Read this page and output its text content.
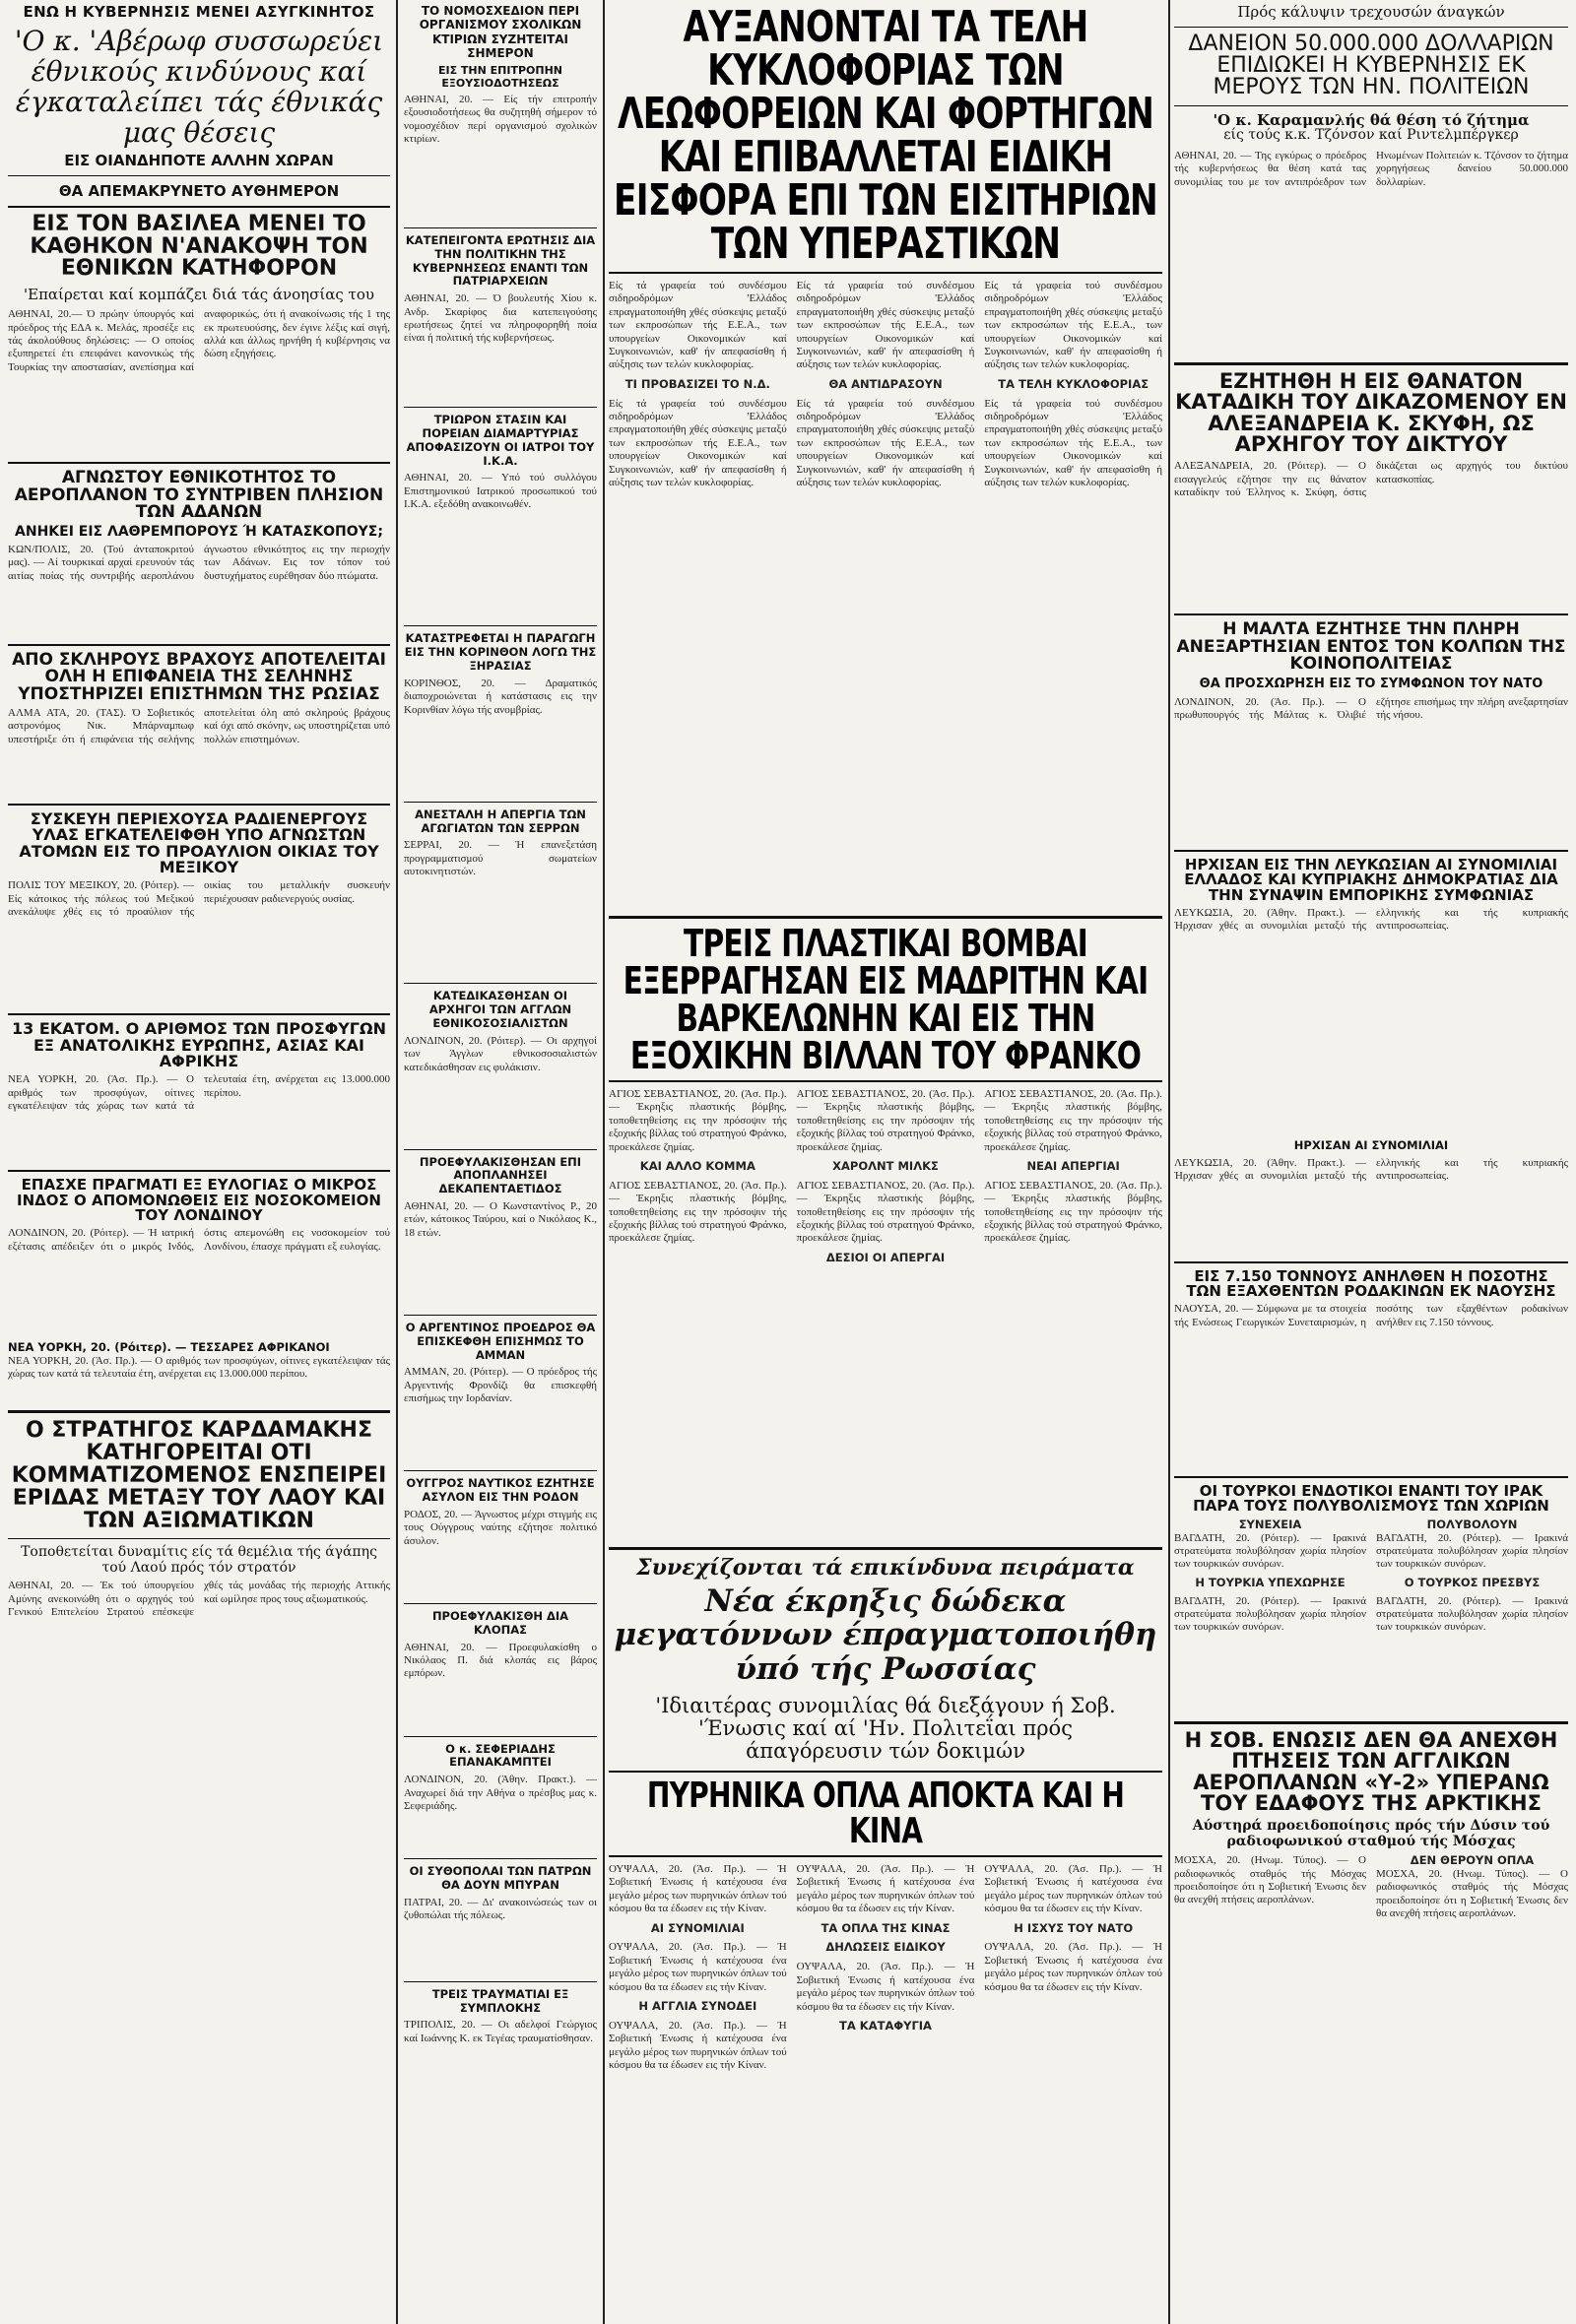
ΕΝΩ Η ΚΥΒΕΡΝΗΣΙΣ ΜΕΝΕΙ ΑΣΥΓΚΙΝΗΤΟΣ
'Ο κ. 'Αβέρωφ συσσωρεύει έθνικούς κινδύνους καί έγκαταλείπει τάς έθνικάς μας θέσεις
ΕΙΣ ΟΙΑΝΔΗΠΟΤΕ ΑΛΛΗΝ ΧΩΡΑΝ
ΘΑ ΑΠΕΜΑΚΡΥΝΕΤΟ ΑΥΘΗΜΕΡΟΝ
ΕΙΣ ΤΟΝ ΒΑΣΙΛΕΑ ΜΕΝΕΙ ΤΟ ΚΑΘΗΚΟΝ Ν'ΑΝΑΚΟΨΗ ΤΟΝ ΕΘΝΙΚΩΝ ΚΑΤΗΦΟΡΟΝ
'Επαίρεται καί κομπάζει διά τάς άνοησίας του
ΑΘΗΝΑΙ, 20.— Ό πρώην ύπουργός καί πρόεδρος τής ΕΔΑ κ. Μελάς, προσέξε εις τάς άκολούθους δηλώσεις: — Ο οποίος εξυπηρετεί έτι επειφάνει κανονικώς τής Τουρκίας την αποστασίαν, ανεπίσημα καί αναφορικώς, ότι ή ανακοίνωσις τής 1 της εκ πρωτευούσης, δεν έγινε λέξις καί σιγή, αλλά και άλλως ηρνήθη ή κυβέρνησις να δώση εξηγήσεις.
ΑΓΝΩΣΤΟΥ ΕΘΝΙΚΟΤΗΤΟΣ ΤΟ ΑΕΡΟΠΛΑΝΟΝ ΤΟ ΣΥΝΤΡΙΒΕΝ ΠΛΗΣΙΟΝ ΤΩΝ ΑΔΑΝΩΝ
ΑΝΗΚΕΙ ΕΙΣ ΛΑΘΡΕΜΠΟΡΟΥΣ Ή ΚΑΤΑΣΚΟΠΟΥΣ;
ΚΩΝ/ΠΟΛΙΣ, 20. (Τού άνταποκριτού μας). — Αί τουρκικαί αρχαί ερευνούν τάς αιτίας ποίας τής συντριβής αεροπλάνου άγνωστου εθνικότητος εις την περιοχήν των Αδάνων. Εις τον τόπον τού δυστυχήματος ευρέθησαν δύο πτώματα.
ΑΠΟ ΣΚΛΗΡΟΥΣ ΒΡΑΧΟΥΣ ΑΠΟΤΕΛΕΙΤΑΙ ΟΛΗ Η ΕΠΙΦΑΝΕΙΑ ΤΗΣ ΣΕΛΗΝΗΣ ΥΠΟΣΤΗΡΙΖΕΙ ΕΠΙΣΤΗΜΩΝ ΤΗΣ ΡΩΣΙΑΣ
ΑΛΜΑ ΑΤΑ, 20. (ΤΑΣ). Ό Σοβιετικός αστρονόμος Νικ. Μπάρναμπωφ υπεστήριξε ότι ή επιφάνεια τής σελήνης αποτελείται όλη από σκληρούς βράχους καί όχι από σκόνην, ως υποστηρίζεται υπό πολλών επιστημόνων.
ΣΥΣΚΕΥΗ ΠΕΡΙΕΧΟΥΣΑ ΡΑΔΙΕΝΕΡΓΟΥΣ ΥΛΑΣ ΕΓΚΑΤΕΛΕΙΦΘΗ ΥΠΟ ΑΓΝΩΣΤΩΝ ΑΤΟΜΩΝ ΕΙΣ ΤΟ ΠΡΟΑΥΛΙΟΝ ΟΙΚΙΑΣ ΤΟΥ ΜΕΞΙΚΟΥ
ΠΟΛΙΣ ΤΟΥ ΜΕΞΙΚΟΥ, 20. (Ρόιτερ). — Είς κάτοικος τής πόλεως τού Μεξικού ανεκάλυψε χθές εις τό προαύλιον τής οικίας του μεταλλικήν συσκευήν περιέχουσαν ραδιενεργούς ουσίας.
13 ΕΚΑΤΟΜ. Ο ΑΡΙΘΜΟΣ ΤΩΝ ΠΡΟΣΦΥΓΩΝ ΕΞ ΑΝΑΤΟΛΙΚΗΣ ΕΥΡΩΠΗΣ, ΑΣΙΑΣ ΚΑΙ ΑΦΡΙΚΗΣ
ΝΕΑ ΥΟΡΚΗ, 20. (Άσ. Πρ.). — Ο αριθμός των προσφύγων, οίτινες εγκατέλειψαν τάς χώρας των κατά τά τελευταία έτη, ανέρχεται εις 13.000.000 περίπου.
ΕΠΑΣΧΕ ΠΡΑΓΜΑΤΙ ΕΞ ΕΥΛΟΓΙΑΣ Ο ΜΙΚΡΟΣ ΙΝΔΟΣ Ο ΑΠΟΜΟΝΩΘΕΙΣ ΕΙΣ ΝΟΣΟΚΟΜΕΙΟΝ ΤΟΥ ΛΟΝΔΙΝΟΥ
ΛΟΝΔΙΝΟΝ, 20. (Ρόιτερ). — Ή ιατρική εξέτασις απέδειξεν ότι ο μικρός Ινδός, όστις απεμονώθη εις νοσοκομείον τού Λονδίνου, έπασχε πράγματι εξ ευλογίας.
ΝΕΑ ΥΟΡΚΗ, 20. (Ρόιτερ). — ΤΕΣΣΑΡΕΣ ΑΦΡΙΚΑΝΟΙ
ΝΕΑ ΥΟΡΚΗ, 20. (Άσ. Πρ.). — Ο αριθμός των προσφύγων, οίτινες εγκατέλειψαν τάς χώρας των κατά τά τελευταία έτη, ανέρχεται εις 13.000.000 περίπου.
Ο ΣΤΡΑΤΗΓΟΣ ΚΑΡΔΑΜΑΚΗΣ ΚΑΤΗΓΟΡΕΙΤΑΙ ΟΤΙ ΚΟΜΜΑΤΙΖΟΜΕΝΟΣ ΕΝΣΠΕΙΡΕΙ ΕΡΙΔΑΣ ΜΕΤΑΞΥ ΤΟΥ ΛΑΟΥ ΚΑΙ ΤΩΝ ΑΞΙΩΜΑΤΙΚΩΝ
Τοποθετείται δυναμίτις είς τά θεμέλια τής άγάπης τού Λαού πρός τόν στρατόν
ΑΘΗΝΑΙ, 20. — Έκ τού ύπουργείου Αμύνης ανεκοινώθη ότι ο αρχηγός τού Γενικού Επιτελείου Στρατού επέσκεψε χθές τάς μονάδας τής περιοχής Αττικής καί ωμίλησε προς τους αξιωματικούς.
ΤΟ ΝΟΜΟΣΧΕΔΙΟΝ ΠΕΡΙ ΟΡΓΑΝΙΣΜΟΥ ΣΧΟΛΙΚΩΝ ΚΤΙΡΙΩΝ ΣΥΖΗΤΕΙΤΑΙ ΣΗΜΕΡΟΝ
ΕΙΣ ΤΗΝ ΕΠΙΤΡΟΠΗΝ ΕΞΟΥΣΙΟΔΟΤΗΣΕΩΣ
ΑΘΗΝΑΙ, 20. — Είς τήν επιτροπήν εξουσιοδοτήσεως θα συζητηθή σήμερον τό νομοσχέδιον περί οργανισμού σχολικών κτιρίων.
ΚΑΤΕΠΕΙΓΟΝΤΑ ΕΡΩΤΗΣΙΣ ΔΙΑ ΤΗΝ ΠΟΛΙΤΙΚΗΝ ΤΗΣ ΚΥΒΕΡΝΗΣΕΩΣ ΕΝΑΝΤΙ ΤΩΝ ΠΑΤΡΙΑΡΧΕΙΩΝ
ΑΘΗΝΑΙ, 20. — Ό βουλευτής Χίου κ. Ανδρ. Σκαρίφος δια κατεπειγούσης ερωτήσεως ζητεί να πληροφορηθή ποία είναι ή πολιτική τής κυβερνήσεως.
ΤΡΙΩΡΟΝ ΣΤΑΣΙΝ ΚΑΙ ΠΟΡΕΙΑΝ ΔΙΑΜΑΡΤΥΡΙΑΣ ΑΠΟΦΑΣΙΖΟΥΝ ΟΙ ΙΑΤΡΟΙ ΤΟΥ Ι.Κ.Α.
ΑΘΗΝΑΙ, 20. — Υπό τού συλλόγου Επιστημονικού Ιατρικού προσωπικού τού Ι.Κ.Α. εξεδόθη ανακοινωθέν.
ΚΑΤΑΣΤΡΕΦΕΤΑΙ Η ΠΑΡΑΓΩΓΗ ΕΙΣ ΤΗΝ ΚΟΡΙΝΘΟΝ ΛΟΓΩ ΤΗΣ ΞΗΡΑΣΙΑΣ
ΚΟΡΙΝΘΟΣ, 20. — Δραματικός διαποχροιώνεται ή κατάστασις εις την Κορινθίαν λόγω τής ανομβρίας.
ΑΝΕΣΤΑΛΗ Η ΑΠΕΡΓΙΑ ΤΩΝ ΑΓΩΓΙΑΤΩΝ ΤΩΝ ΣΕΡΡΩΝ
ΣΕΡΡΑΙ, 20. — Ή επανεξετάση προγραμματισμού σωματείων αυτοκινητιστών.
ΚΑΤΕΔΙΚΑΣΘΗΣΑΝ ΟΙ ΑΡΧΗΓΟΙ ΤΩΝ ΑΓΓΛΩΝ ΕΘΝΙΚΟΣΟΣΙΑΛΙΣΤΩΝ
ΛΟΝΔΙΝΟΝ, 20. (Ρόιτερ). — Οι αρχηγοί των Άγγλων εθνικοσοσιαλιστών κατεδικάσθησαν εις φυλάκισιν.
ΠΡΟΕΦΥΛΑΚΙΣΘΗΣΑΝ ΕΠΙ ΑΠΟΠΛΑΝΗΣΕΙ ΔΕΚΑΠΕΝΤΑΕΤΙΔΟΣ
ΑΘΗΝΑΙ, 20. — Ο Κωνσταντίνος Ρ., 20 ετών, κάτοικος Ταύρου, καί ο Νικόλαος Κ., 18 ετών.
Ο ΑΡΓΕΝΤΙΝΟΣ ΠΡΟΕΔΡΟΣ ΘΑ ΕΠΙΣΚΕΦΘΗ ΕΠΙΣΗΜΩΣ ΤΟ ΑΜΜΑΝ
ΑΜΜΑΝ, 20. (Ρόιτερ). — Ο πρόεδρος τής Αργεντινής Φρονδίζι θα επισκεφθή επισήμως την Ιορδανίαν.
ΟΥΓΓΡΟΣ ΝΑΥΤΙΚΟΣ ΕΖΗΤΗΣΕ ΑΣΥΛΟΝ ΕΙΣ ΤΗΝ ΡΟΔΟΝ
ΡΟΔΟΣ, 20. — Άγνωστος μέχρι στιγμής εις τους Ούγγρους ναύτης εζήτησε πολιτικό άσυλον.
ΠΡΟΕΦΥΛΑΚΙΣΘΗ ΔΙΑ ΚΛΟΠΑΣ
ΑΘΗΝΑΙ, 20. — Προεφυλακίσθη ο Νικόλαος Π. διά κλοπάς εις βάρος εμπόρων.
Ο κ. ΣΕΦΕΡΙΑΔΗΣ ΕΠΑΝΑΚΑΜΠΤΕΙ
ΛΟΝΔΙΝΟΝ, 20. (Άθην. Πρακτ.). — Αναχωρεί διά την Αθήνα ο πρέσβυς μας κ. Σεφεριάδης.
ΟΙ ΣΥΘΟΠΟΛΑΙ ΤΩΝ ΠΑΤΡΩΝ ΘΑ ΔΟΥΝ ΜΠΥΡΑΝ
ΠΑΤΡΑΙ, 20. — Δι' ανακοινώσεώς των οι ζυθοπώλαι τής πόλεως.
ΤΡΕΙΣ ΤΡΑΥΜΑΤΙΑΙ ΕΞ ΣΥΜΠΛΟΚΗΣ
ΤΡΙΠΟΛΙΣ, 20. — Οι αδελφοί Γεώργιος καί Ιωάννης Κ. εκ Τεγέας τραυματίσθησαν.
ΑΥΞΑΝΟΝΤΑΙ ΤΑ ΤΕΛΗ ΚΥΚΛΟΦΟΡΙΑΣ ΤΩΝ ΛΕΩΦΟΡΕΙΩΝ ΚΑΙ ΦΟΡΤΗΓΩΝ ΚΑΙ ΕΠΙΒΑΛΛΕΤΑΙ ΕΙΔΙΚΗ ΕΙΣΦΟΡΑ ΕΠΙ ΤΩΝ ΕΙΣΙΤΗΡΙΩΝ ΤΩΝ ΥΠΕΡΑΣΤΙΚΩΝ
Είς τά γραφεία τού συνδέσμου σιδηροδρόμων 'Ελλάδος επραγματοποιήθη χθές σύσκεψις μεταξύ των εκπροσώπων τής Ε.Ε.Α., των υπουργείων Οικονομικών καί Συγκοινωνιών, καθ' ήν απεφασίσθη ή αύξησις των τελών κυκλοφορίας.
ΤΙ ΠΡΟΒΑΣΙΖΕΙ ΤΟ Ν.Δ.
Είς τά γραφεία τού συνδέσμου σιδηροδρόμων 'Ελλάδος επραγματοποιήθη χθές σύσκεψις μεταξύ των εκπροσώπων τής Ε.Ε.Α., των υπουργείων Οικονομικών καί Συγκοινωνιών, καθ' ήν απεφασίσθη ή αύξησις των τελών κυκλοφορίας.
Είς τά γραφεία τού συνδέσμου σιδηροδρόμων 'Ελλάδος επραγματοποιήθη χθές σύσκεψις μεταξύ των εκπροσώπων τής Ε.Ε.Α., των υπουργείων Οικονομικών καί Συγκοινωνιών, καθ' ήν απεφασίσθη ή αύξησις των τελών κυκλοφορίας.
ΘΑ ΑΝΤΙΔΡΑΣΟΥΝ
Είς τά γραφεία τού συνδέσμου σιδηροδρόμων 'Ελλάδος επραγματοποιήθη χθές σύσκεψις μεταξύ των εκπροσώπων τής Ε.Ε.Α., των υπουργείων Οικονομικών καί Συγκοινωνιών, καθ' ήν απεφασίσθη ή αύξησις των τελών κυκλοφορίας.
Είς τά γραφεία τού συνδέσμου σιδηροδρόμων 'Ελλάδος επραγματοποιήθη χθές σύσκεψις μεταξύ των εκπροσώπων τής Ε.Ε.Α., των υπουργείων Οικονομικών καί Συγκοινωνιών, καθ' ήν απεφασίσθη ή αύξησις των τελών κυκλοφορίας.
ΤΑ ΤΕΛΗ ΚΥΚΛΟΦΟΡΙΑΣ
Είς τά γραφεία τού συνδέσμου σιδηροδρόμων 'Ελλάδος επραγματοποιήθη χθές σύσκεψις μεταξύ των εκπροσώπων τής Ε.Ε.Α., των υπουργείων Οικονομικών καί Συγκοινωνιών, καθ' ήν απεφασίσθη ή αύξησις των τελών κυκλοφορίας.
ΤΡΕΙΣ ΠΛΑΣΤΙΚΑΙ ΒΟΜΒΑΙ ΕΞΕΡΡΑΓΗΣΑΝ ΕΙΣ ΜΑΔΡΙΤΗΝ ΚΑΙ ΒΑΡΚΕΛΩΝΗΝ ΚΑΙ ΕΙΣ ΤΗΝ ΕΞΟΧΙΚΗΝ ΒΙΛΛΑΝ ΤΟΥ ΦΡΑΝΚΟ
ΑΓΙΟΣ ΣΕΒΑΣΤΙΑΝΟΣ, 20. (Άσ. Πρ.). — Έκρηξις πλαστικής βόμβης, τοποθετηθείσης εις την πρόσοψιν τής εξοχικής βίλλας τού στρατηγού Φράνκο, προεκάλεσε ζημίας.
ΚΑΙ ΑΛΛΟ ΚΟΜΜΑ
ΑΓΙΟΣ ΣΕΒΑΣΤΙΑΝΟΣ, 20. (Άσ. Πρ.). — Έκρηξις πλαστικής βόμβης, τοποθετηθείσης εις την πρόσοψιν τής εξοχικής βίλλας τού στρατηγού Φράνκο, προεκάλεσε ζημίας.
ΑΓΙΟΣ ΣΕΒΑΣΤΙΑΝΟΣ, 20. (Άσ. Πρ.). — Έκρηξις πλαστικής βόμβης, τοποθετηθείσης εις την πρόσοψιν τής εξοχικής βίλλας τού στρατηγού Φράνκο, προεκάλεσε ζημίας.
ΧΑΡΟΛΝΤ ΜΙΛΚΣ
ΑΓΙΟΣ ΣΕΒΑΣΤΙΑΝΟΣ, 20. (Άσ. Πρ.). — Έκρηξις πλαστικής βόμβης, τοποθετηθείσης εις την πρόσοψιν τής εξοχικής βίλλας τού στρατηγού Φράνκο, προεκάλεσε ζημίας.
ΔΕΣΙΟΙ ΟΙ ΑΠΕΡΓΑΙ
ΑΓΙΟΣ ΣΕΒΑΣΤΙΑΝΟΣ, 20. (Άσ. Πρ.). — Έκρηξις πλαστικής βόμβης, τοποθετηθείσης εις την πρόσοψιν τής εξοχικής βίλλας τού στρατηγού Φράνκο, προεκάλεσε ζημίας.
ΝΕΑΙ ΑΠΕΡΓΙΑΙ
ΑΓΙΟΣ ΣΕΒΑΣΤΙΑΝΟΣ, 20. (Άσ. Πρ.). — Έκρηξις πλαστικής βόμβης, τοποθετηθείσης εις την πρόσοψιν τής εξοχικής βίλλας τού στρατηγού Φράνκο, προεκάλεσε ζημίας.
Συνεχίζονται τά επικίνδυνα πειράματα
Νέα έκρηξις δώδεκα μεγατόννων έπραγματοποιήθη ύπό τής Ρωσσίας
'Ιδιαιτέρας συνομιλίας θά διεξάγουν ή Σοβ. 'Ένωσις καί αί 'Ην. Πολιτεΐαι πρός άπαγόρευσιν τών δοκιμών
ΠΥΡΗΝΙΚΑ ΟΠΛΑ ΑΠΟΚΤΑ ΚΑΙ Η ΚΙΝΑ
ΟΥΨΑΛΑ, 20. (Άσ. Πρ.). — Ή Σοβιετική Ένωσις ή κατέχουσα ένα μεγάλο μέρος των πυρηνικών όπλων τού κόσμου θα τα έδωσεν εις τήν Κίναν.
ΑΙ ΣΥΝΟΜΙΛΙΑΙ
ΟΥΨΑΛΑ, 20. (Άσ. Πρ.). — Ή Σοβιετική Ένωσις ή κατέχουσα ένα μεγάλο μέρος των πυρηνικών όπλων τού κόσμου θα τα έδωσεν εις τήν Κίναν.
Η ΑΓΓΛΙΑ ΣΥΝΟΔΕΙ
ΟΥΨΑΛΑ, 20. (Άσ. Πρ.). — Ή Σοβιετική Ένωσις ή κατέχουσα ένα μεγάλο μέρος των πυρηνικών όπλων τού κόσμου θα τα έδωσεν εις τήν Κίναν.
ΟΥΨΑΛΑ, 20. (Άσ. Πρ.). — Ή Σοβιετική Ένωσις ή κατέχουσα ένα μεγάλο μέρος των πυρηνικών όπλων τού κόσμου θα τα έδωσεν εις τήν Κίναν.
ΤΑ ΟΠΛΑ ΤΗΣ ΚΙΝΑΣ
ΔΗΛΩΣΕΙΣ ΕΙΔΙΚΟΥ
ΟΥΨΑΛΑ, 20. (Άσ. Πρ.). — Ή Σοβιετική Ένωσις ή κατέχουσα ένα μεγάλο μέρος των πυρηνικών όπλων τού κόσμου θα τα έδωσεν εις τήν Κίναν.
ΤΑ ΚΑΤΑΦΥΓΙΑ
ΟΥΨΑΛΑ, 20. (Άσ. Πρ.). — Ή Σοβιετική Ένωσις ή κατέχουσα ένα μεγάλο μέρος των πυρηνικών όπλων τού κόσμου θα τα έδωσεν εις τήν Κίναν.
Η ΙΣΧΥΣ ΤΟΥ ΝΑΤΟ
ΟΥΨΑΛΑ, 20. (Άσ. Πρ.). — Ή Σοβιετική Ένωσις ή κατέχουσα ένα μεγάλο μέρος των πυρηνικών όπλων τού κόσμου θα τα έδωσεν εις τήν Κίναν.
Πρός κάλυψιν τρεχουσών άναγκών
ΔΑΝΕΙΟΝ 50.000.000 ΔΟΛΛΑΡΙΩΝ ΕΠΙΔΙΩΚΕΙ Η ΚΥΒΕΡΝΗΣΙΣ ΕΚ ΜΕΡΟΥΣ ΤΩΝ ΗΝ. ΠΟΛΙΤΕΙΩΝ
'Ο κ. Καραμανλής θά θέση τό ζήτημα
είς τούς κ.κ. Τζόνσον καί Ριντελμπέργκερ
ΑΘΗΝΑΙ, 20. — Της εγκύρως ο πρόεδρος τής κυβερνήσεως θα θέση κατά τας συνομιλίας του με τον αντιπρόεδρον των Ηνωμένων Πολιτειών κ. Τζόνσον το ζήτημα χορηγήσεως δανείου 50.000.000 δολλαρίων.
ΕΖΗΤΗΘΗ Η ΕΙΣ ΘΑΝΑΤΟΝ ΚΑΤΑΔΙΚΗ ΤΟΥ ΔΙΚΑΖΟΜΕΝΟΥ ΕΝ ΑΛΕΞΑΝΔΡΕΙΑ Κ. ΣΚΥΦΗ, ΩΣ ΑΡΧΗΓΟΥ ΤΟΥ ΔΙΚΤΥΟΥ
ΑΛΕΞΑΝΔΡΕΙΑ, 20. (Ρόιτερ). — Ο εισαγγελεύς εζήτησε την εις θάνατον καταδίκην τού Έλληνος κ. Σκύφη, όστις δικάζεται ως αρχηγός του δικτύου κατασκοπίας.
Η ΜΑΛΤΑ ΕΖΗΤΗΣΕ ΤΗΝ ΠΛΗΡΗ ΑΝΕΞΑΡΤΗΣΙΑΝ ΕΝΤΟΣ ΤΟΝ ΚΟΛΠΩΝ ΤΗΣ ΚΟΙΝΟΠΟΛΙΤΕΙΑΣ
ΘΑ ΠΡΟΣΧΩΡΗΣΗ ΕΙΣ ΤΟ ΣΥΜΦΩΝΟΝ ΤΟΥ ΝΑΤΟ
ΛΟΝΔΙΝΟΝ, 20. (Άσ. Πρ.). — Ο πρωθυπουργός τής Μάλτας κ. Όλιβιέ εζήτησε επισήμως την πλήρη ανεξαρτησίαν τής νήσου.
ΗΡΧΙΣΑΝ ΕΙΣ ΤΗΝ ΛΕΥΚΩΣΙΑΝ ΑΙ ΣΥΝΟΜΙΛΙΑΙ ΕΛΛΑΔΟΣ ΚΑΙ ΚΥΠΡΙΑΚΗΣ ΔΗΜΟΚΡΑΤΙΑΣ ΔΙΑ ΤΗΝ ΣΥΝΑΨΙΝ ΕΜΠΟΡΙΚΗΣ ΣΥΜΦΩΝΙΑΣ
ΛΕΥΚΩΣΙΑ, 20. (Άθην. Πρακτ.). — Ήρχισαν χθές αι συνομιλίαι μεταξύ τής ελληνικής και τής κυπριακής αντιπροσωπείας.
ΗΡΧΙΣΑΝ ΑΙ ΣΥΝΟΜΙΛΙΑΙ
ΛΕΥΚΩΣΙΑ, 20. (Άθην. Πρακτ.). — Ήρχισαν χθές αι συνομιλίαι μεταξύ τής ελληνικής και τής κυπριακής αντιπροσωπείας.
ΕΙΣ 7.150 ΤΟΝΝΟΥΣ ΑΝΗΛΘΕΝ Η ΠΟΣΟΤΗΣ ΤΩΝ ΕΞΑΧΘΕΝΤΩΝ ΡΟΔΑΚΙΝΩΝ ΕΚ ΝΑΟΥΣΗΣ
ΝΑΟΥΣΑ, 20. — Σύμφωνα με τα στοιχεία τής Ενώσεως Γεωργικών Συνεταιρισμών, η ποσότης των εξαχθέντων ροδακίνων ανήλθεν εις 7.150 τόννους.
ΟΙ ΤΟΥΡΚΟΙ ΕΝΔΟΤΙΚΟΙ ΕΝΑΝΤΙ ΤΟΥ ΙΡΑΚ ΠΑΡΑ ΤΟΥΣ ΠΟΛΥΒΟΛΙΣΜΟΥΣ ΤΩΝ ΧΩΡΙΩΝ
ΣΥΝΕΧΕΙΑ
ΒΑΓΔΑΤΗ, 20. (Ρόιτερ). — Ιρακινά στρατεύματα πολυβόλησαν χωρία πλησίον των τουρκικών συνόρων.
Η ΤΟΥΡΚΙΑ ΥΠΕΧΩΡΗΣΕ
ΒΑΓΔΑΤΗ, 20. (Ρόιτερ). — Ιρακινά στρατεύματα πολυβόλησαν χωρία πλησίον των τουρκικών συνόρων.
ΠΟΛΥΒΟΛΟΥΝ
ΒΑΓΔΑΤΗ, 20. (Ρόιτερ). — Ιρακινά στρατεύματα πολυβόλησαν χωρία πλησίον των τουρκικών συνόρων.
Ο ΤΟΥΡΚΟΣ ΠΡΕΣΒΥΣ
ΒΑΓΔΑΤΗ, 20. (Ρόιτερ). — Ιρακινά στρατεύματα πολυβόλησαν χωρία πλησίον των τουρκικών συνόρων.
Η ΣΟΒ. ΕΝΩΣΙΣ ΔΕΝ ΘΑ ΑΝΕΧΘΗ ΠΤΗΣΕΙΣ ΤΩΝ ΑΓΓΛΙΚΩΝ ΑΕΡΟΠΛΑΝΩΝ «Υ-2» ΥΠΕΡΑΝΩ ΤΟΥ ΕΔΑΦΟΥΣ ΤΗΣ ΑΡΚΤΙΚΗΣ
Αύστηρά προειδοποίησις πρός τήν Δύσιν τού ραδιοφωνικού σταθμού τής Μόσχας
ΜΟΣΧΑ, 20. (Ηνωμ. Τύπος). — Ο ραδιοφωνικός σταθμός τής Μόσχας προειδοποίησε ότι η Σοβιετική Ένωσις δεν θα ανεχθή πτήσεις αεροπλάνων.
ΔΕΝ ΘΕΡΟΥΝ ΟΠΛΑ
ΜΟΣΧΑ, 20. (Ηνωμ. Τύπος). — Ο ραδιοφωνικός σταθμός τής Μόσχας προειδοποίησε ότι η Σοβιετική Ένωσις δεν θα ανεχθή πτήσεις αεροπλάνων.
